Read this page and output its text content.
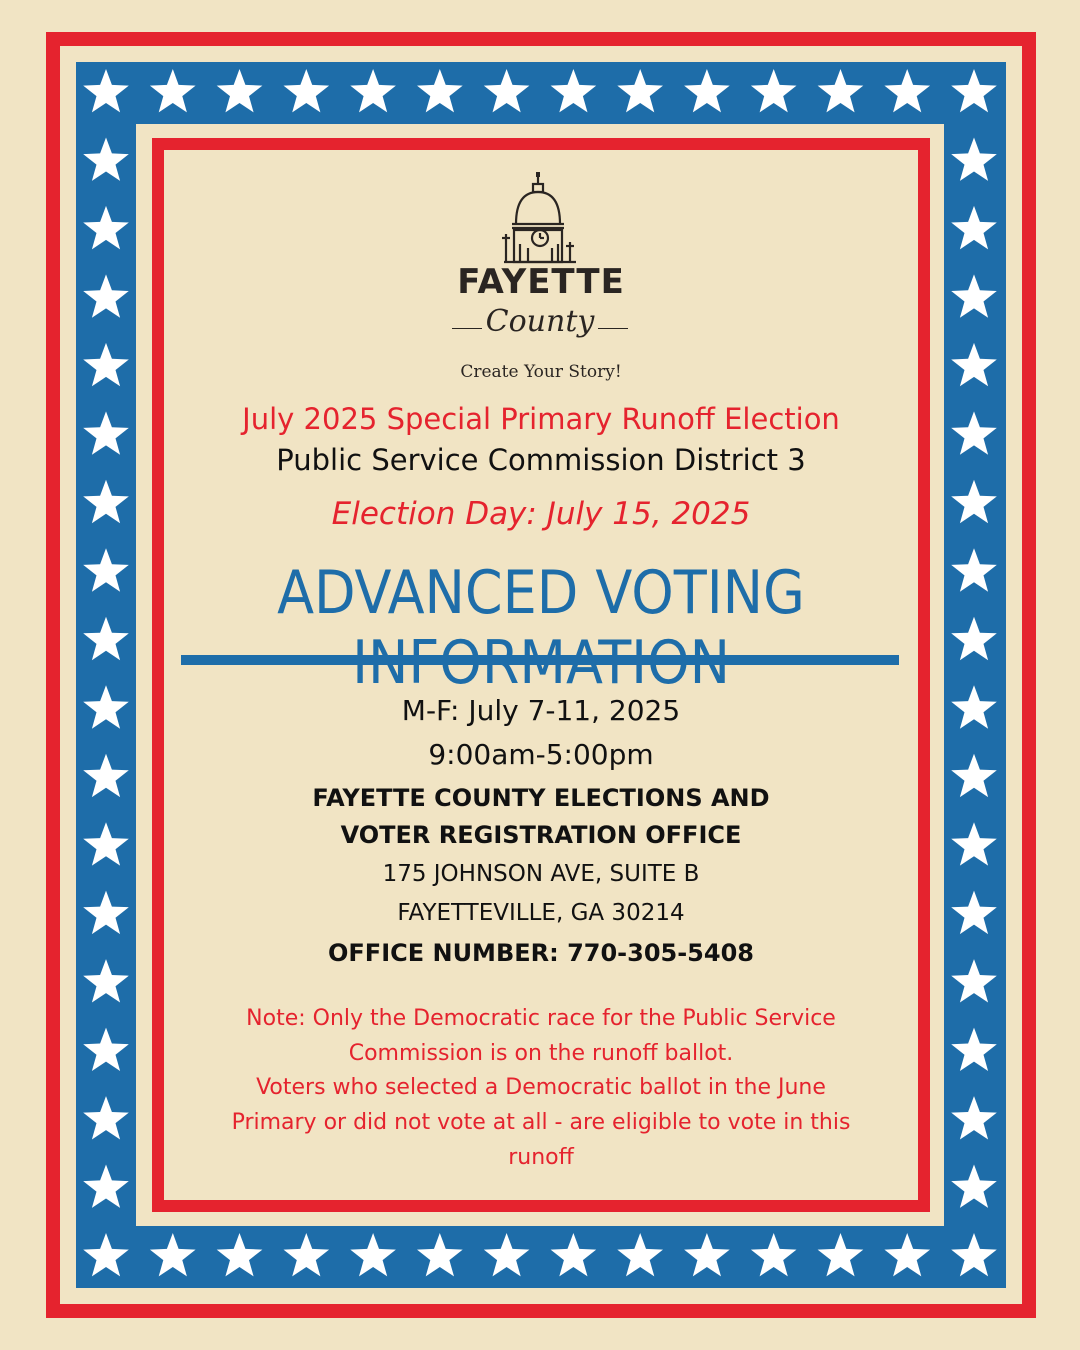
FAYETTE
County
Create Your Story!
July 2025 Special Primary Runoff Election
Public Service Commission District 3
Election Day: July 15, 2025
ADVANCED VOTING
M-F: July 7-11, 2025
9:00am-5:00pm
FAYETTE COUNTY ELECTIONS AND
VOTER REGISTRATION OFFICE
175 JOHNSON AVE, SUITE B
FAYETTEVILLE, GA 30214
OFFICE NUMBER: 770-305-5408
Note: Only the Democratic race for the Public Service
Commission is on the runoff ballot.
Voters who selected a Democratic ballot in the June
Primary or did not vote at all - are eligible to vote in this
runoff
